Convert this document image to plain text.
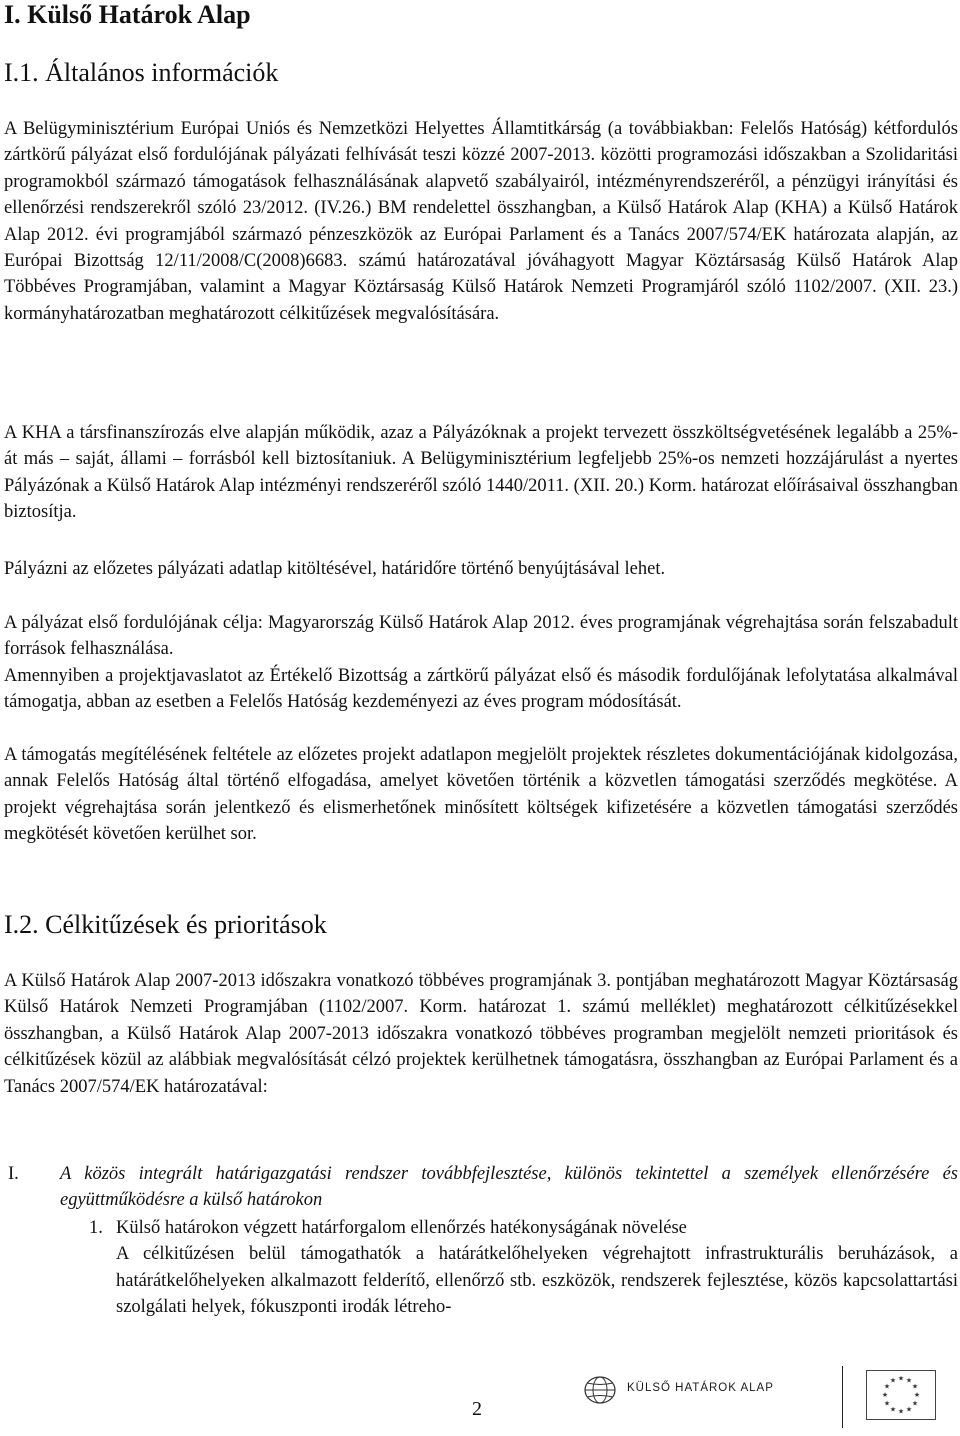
I. Külső Határok Alap
I.1. Általános információk

A Belügyminisztérium Európai Uniós és Nemzetközi Helyettes Államtitkárság (a továbbiakban: Felelős Hatóság) kétfordulós zártkörű pályázat első fordulójának pályázati felhívását teszi közzé 2007-2013. közötti programozási időszakban a Szolidaritási programokból származó támogatások felhasználásának alapvető szabályairól, intézményrendszeréről, a pénzügyi irányítási és ellenőrzési rendszerekről szóló 23/2012. (IV.26.) BM rendelettel összhangban, a Külső Határok Alap (KHA) a Külső Határok Alap 2012. évi programjából származó pénzeszközök az Európai Parlament és a Tanács 2007/574/EK határozata alapján, az Európai Bizottság 12/11/2008/C(2008)6683. számú határozatával jóváhagyott Magyar Köztársaság Külső Határok Alap Többéves Programjában, valamint a Magyar Köztársaság Külső Határok Nemzeti Programjáról szóló 1102/2007. (XII. 23.) kormányhatározatban meghatározott célkitűzések megvalósítására.

A KHA a társfinanszírozás elve alapján működik, azaz a Pályázóknak a projekt tervezett összköltségvetésének legalább a 25%-át más – saját, állami – forrásból kell biztosítaniuk. A Belügyminisztérium legfeljebb 25%-os nemzeti hozzájárulást a nyertes Pályázónak a Külső Határok Alap intézményi rendszeréről szóló 1440/2011. (XII. 20.) Korm. határozat előírásaival összhangban biztosítja.

Pályázni az előzetes pályázati adatlap kitöltésével, határidőre történő benyújtásával lehet.

A pályázat első fordulójának célja: Magyarország Külső Határok Alap 2012. éves programjának végrehajtása során felszabadult források felhasználása.

Amennyiben a projektjavaslatot az Értékelő Bizottság a zártkörű pályázat első és második fordulőjának lefolytatása alkalmával támogatja, abban az esetben a Felelős Hatóság kezdeményezi az éves program módosítását.

A támogatás megítélésének feltétele az előzetes projekt adatlapon megjelölt projektek részletes dokumentációjának kidolgozása, annak Felelős Hatóság által történő elfogadása, amelyet követően történik a közvetlen támogatási szerződés megkötése. A projekt végrehajtása során jelentkező és elismerhetőnek minősített költségek kifizetésére a közvetlen támogatási szerződés megkötését követően kerülhet sor.

I.2. Célkitűzések és prioritások

A Külső Határok Alap 2007-2013 időszakra vonatkozó többéves programjának 3. pontjában meghatározott Magyar Köztársaság Külső Határok Nemzeti Programjában (1102/2007. Korm. határozat 1. számú melléklet) meghatározott célkitűzésekkel összhangban, a Külső Határok Alap 2007-2013 időszakra vonatkozó többéves programban megjelölt nemzeti prioritások és célkitűzések közül az alábbiak megvalósítását célzó projektek kerülhetnek támogatásra, összhangban az Európai Parlament és a Tanács 2007/574/EK határozatával:

I. A közös integrált határigazgatási rendszer továbbfejlesztése, különös tekintettel a személyek ellenőrzésére és együttműködésre a külső határokon
1. Külső határokon végzett határforgalom ellenőrzés hatékonyságának növelése
A célkitűzésen belül támogathatók a határátkelőhelyeken végrehajtott infrastrukturális beruházások, a határátkelőhelyeken alkalmazott felderítő, ellenőrző stb. eszközök, rendszerek fejlesztése, közös kapcsolattartási szolgálati helyek, fókuszponti irodák létreho-
2
KÜLSŐ HATÁROK ALAP
★ ★
★
★
★
★
★
★
★
★
★
★
